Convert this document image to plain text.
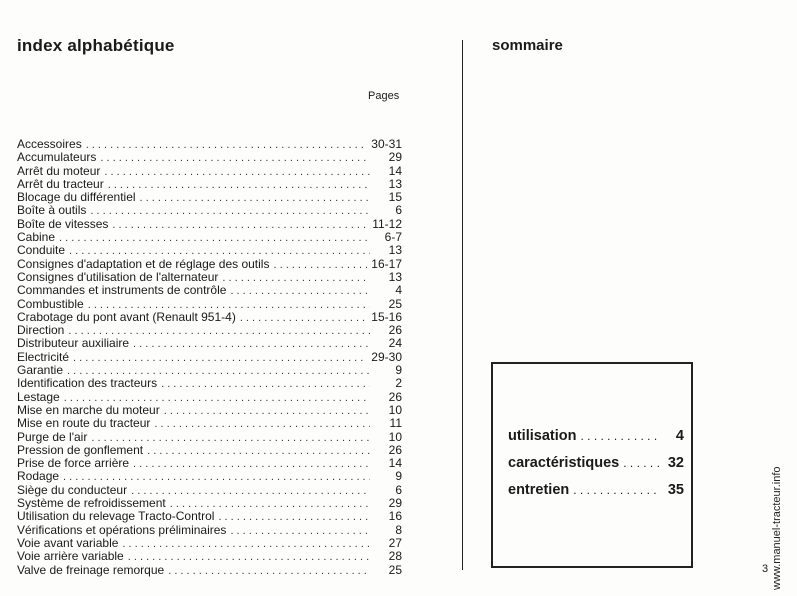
index alphabétique
Pages
Accessoires . . .	30-31
Accumulateurs . . .	29
Arrêt du moteur . . .	14
Arrêt du tracteur . . .	13
Blocage du différentiel . . .	15
Boîte à outils . . .	6
Boîte de vitesses . . .	11-12
Cabine . . .	6-7
Conduite . . .	13
Consignes d'adaptation et de réglage des outils . . .	16-17
Consignes d'utilisation de l'alternateur . . .	13
Commandes et instruments de contrôle . . .	4
Combustible . . .	25
Crabotage du pont avant (Renault 951-4) . . .	15-16
Direction . . .	26
Distributeur auxiliaire . . .	24
Electricité . . .	29-30
Garantie . . .	9
Identification des tracteurs . . .	2
Lestage . . .	26
Mise en marche du moteur . . .	10
Mise en route du tracteur . . .	11
Purge de l'air . . .	10
Pression de gonflement . . .	26
Prise de force arrière . . .	14
Rodage . . .	9
Siège du conducteur . . .	6
Système de refroidissement . . .	29
Utilisation du relevage Tracto-Control . . .	16
Vérifications et opérations préliminaires . . .	8
Voie avant variable . . .	27
Voie arrière variable . . .	28
Valve de freinage remorque . . .	25
sommaire
utilisation . . .	4
caractéristiques . . .	32
entretien . . .	35
3 www.manuel-tracteur.info
